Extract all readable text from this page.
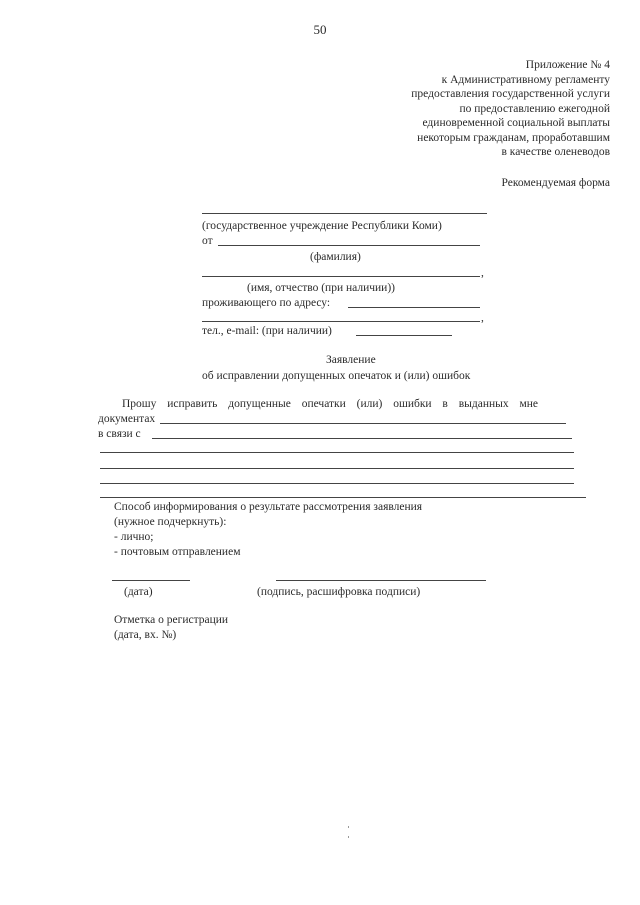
50
Приложение № 4
к Административному регламенту
предоставления государственной услуги
по предоставлению ежегодной
единовременной социальной выплаты
некоторым гражданам, проработавшим
в качестве оленеводов
Рекомендуемая форма
(государственное учреждение Республики Коми)
от
(фамилия)
,
(имя, отчество (при наличии))
проживающего по адресу:
,
тел., e-mail: (при наличии)
Заявление
об исправлении допущенных опечаток и (или) ошибок
Прошу исправить допущенные опечатки (или) ошибки в выданных мне
документах
в связи с
Способ информирования о результате рассмотрения заявления
(нужное подчеркнуть):
- лично;
- почтовым отправлением
(дата)	(подпись, расшифровка подписи)
Отметка о регистрации
(дата, вх. №)
